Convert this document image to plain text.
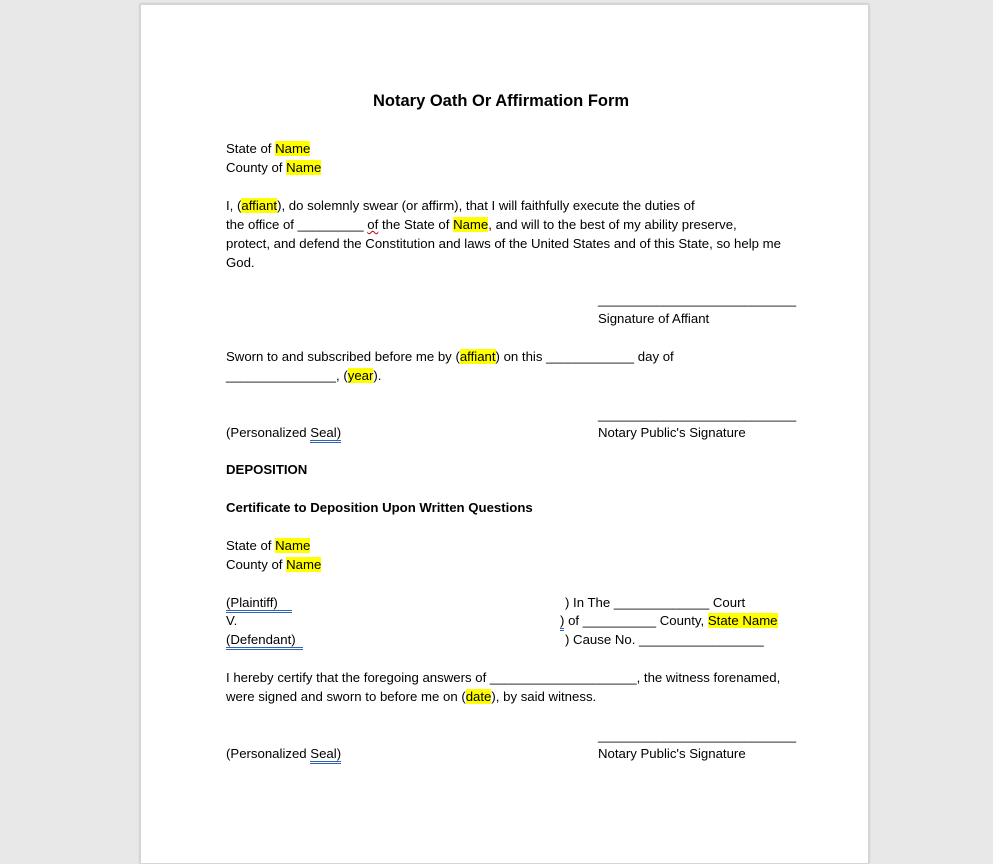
Notary Oath Or Affirmation Form
State of Name
County of Name
I, (affiant), do solemnly swear (or affirm), that I will faithfully execute the duties of
the office of _________ of the State of Name, and will to the best of my ability preserve,
protect, and defend the Constitution and laws of the United States and of this State, so help me
God.
___________________________
Signature of Affiant
Sworn to and subscribed before me by (affiant) on this ____________ day of
_______________, (year).
___________________________
(Personalized Seal)	Notary Public's Signature
DEPOSITION
Certificate to Deposition Upon Written Questions
State of Name
County of Name
(Plaintiff)
V.
(Defendant)
) In The _____________ Court
) of __________ County, State Name
) Cause No. _________________
I hereby certify that the foregoing answers of ____________________, the witness forenamed,
were signed and sworn to before me on (date), by said witness.
___________________________
(Personalized Seal)	Notary Public's Signature
